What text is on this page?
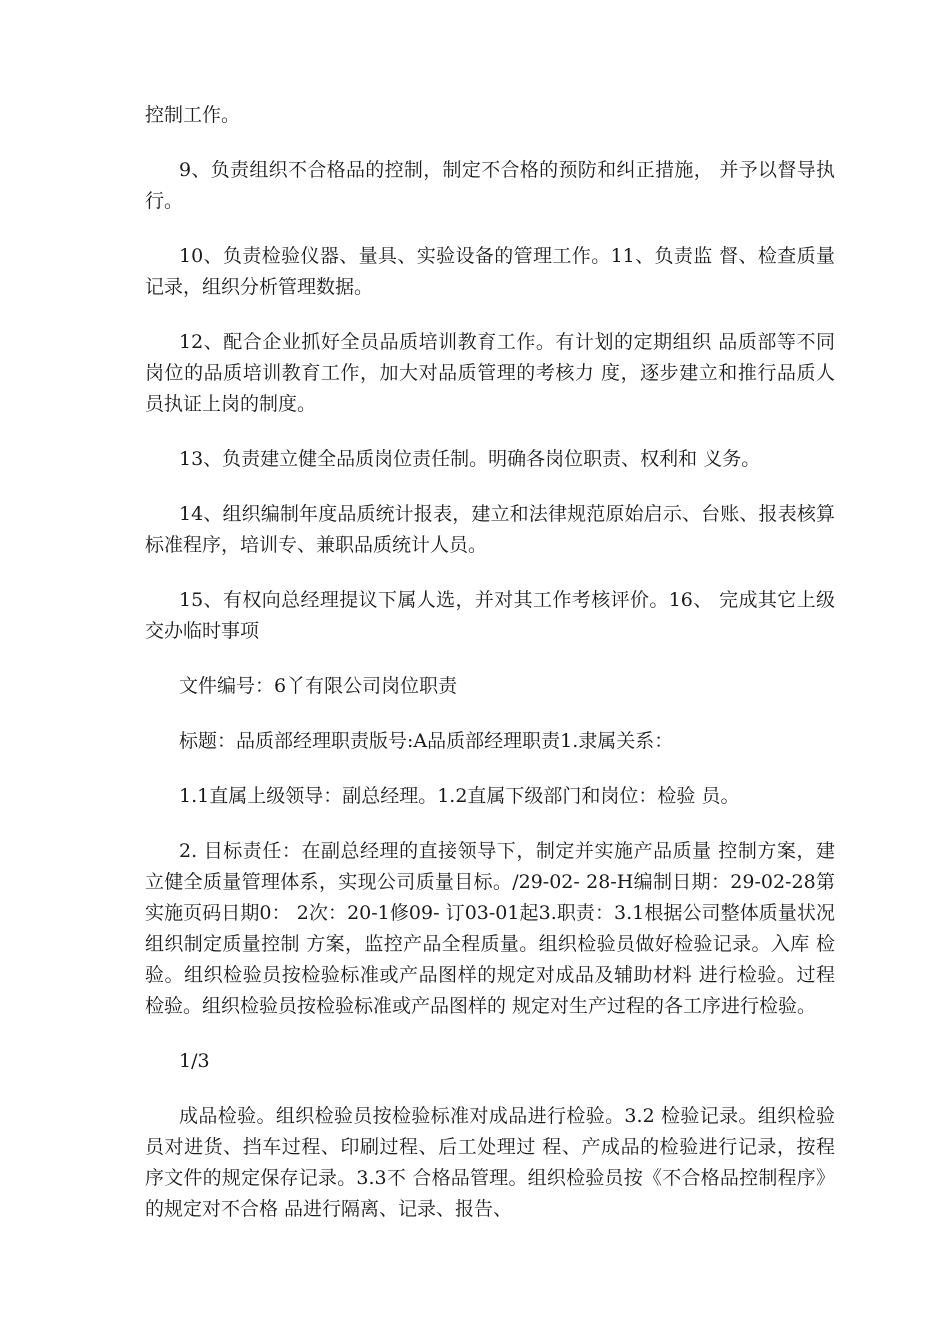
控制工作。

9、负责组织不合格品的控制，制定不合格的预防和纠正措施， 并予以督导执行。

10、负责检验仪器、量具、实验设备的管理工作。11、负责监 督、检查质量记录，组织分析管理数据。

12、配合企业抓好全员品质培训教育工作。有计划的定期组织 品质部等不同岗位的品质培训教育工作，加大对品质管理的考核力 度，逐步建立和推行品质人员执证上岗的制度。

13、负责建立健全品质岗位责任制。明确各岗位职责、权利和 义务。

14、组织编制年度品质统计报表，建立和法律规范原始启示、台账、报表核算标准程序，培训专、兼职品质统计人员。

15、有权向总经理提议下属人选，并对其工作考核评价。16、 完成其它上级交办临时事项

文件编号：6丫有限公司岗位职责

标题：品质部经理职责版号:A品质部经理职责1.隶属关系：

1.1直属上级领导：副总经理。1.2直属下级部门和岗位：检验 员。

2. 目标责任：在副总经理的直接领导下，制定并实施产品质量 控制方案，建立健全质量管理体系，实现公司质量目标。/29-02- 28-H编制日期：29-02-28第实施页码日期0： 2次：20-1修09- 订03-01起3.职责：3.1根据公司整体质量状况组织制定质量控制 方案，监控产品全程质量。组织检验员做好检验记录。入库 检验。组织检验员按检验标准或产品图样的规定对成品及辅助材料 进行检验。过程检验。组织检验员按检验标准或产品图样的 规定对生产过程的各工序进行检验。

1/3

成品检验。组织检验员按检验标准对成品进行检验。3.2 检验记录。组织检验员对进货、挡车过程、印刷过程、后工处理过 程、产成品的检验进行记录，按程序文件的规定保存记录。3.3不 合格品管理。组织检验员按《不合格品控制程序》的规定对不合格 品进行隔离、记录、报告、
